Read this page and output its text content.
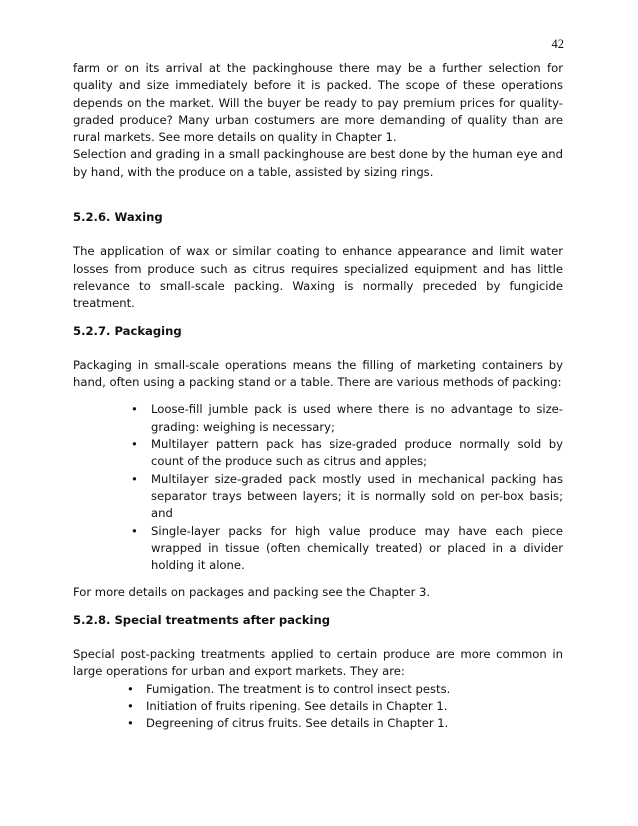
42

farm or on its arrival at the packinghouse there may be a further selection for quality and size immediately before it is packed. The scope of these operations depends on the market. Will the buyer be ready to pay premium prices for quality-graded produce? Many urban costumers are more demanding of quality than are rural markets. See more details on quality in Chapter 1.

Selection and grading in a small packinghouse are best done by the human eye and by hand, with the produce on a table, assisted by sizing rings.

5.2.6. Waxing

The application of wax or similar coating to enhance appearance and limit water losses from produce such as citrus requires specialized equipment and has little relevance to small-scale packing. Waxing is normally preceded by fungicide treatment.

5.2.7. Packaging

Packaging in small-scale operations means the filling of marketing containers by hand, often using a packing stand or a table. There are various methods of packing:

• Loose-fill jumble pack is used where there is no advantage to size-grading: weighing is necessary;
• Multilayer pattern pack has size-graded produce normally sold by count of the produce such as citrus and apples;
• Multilayer size-graded pack mostly used in mechanical packing has separator trays between layers; it is normally sold on per-box basis; and
• Single-layer packs for high value produce may have each piece wrapped in tissue (often chemically treated) or placed in a divider holding it alone.

For more details on packages and packing see the Chapter 3.

5.2.8. Special treatments after packing

Special post-packing treatments applied to certain produce are more common in large operations for urban and export markets. They are:

• Fumigation. The treatment is to control insect pests.
• Initiation of fruits ripening. See details in Chapter 1.
• Degreening of citrus fruits. See details in Chapter 1.
